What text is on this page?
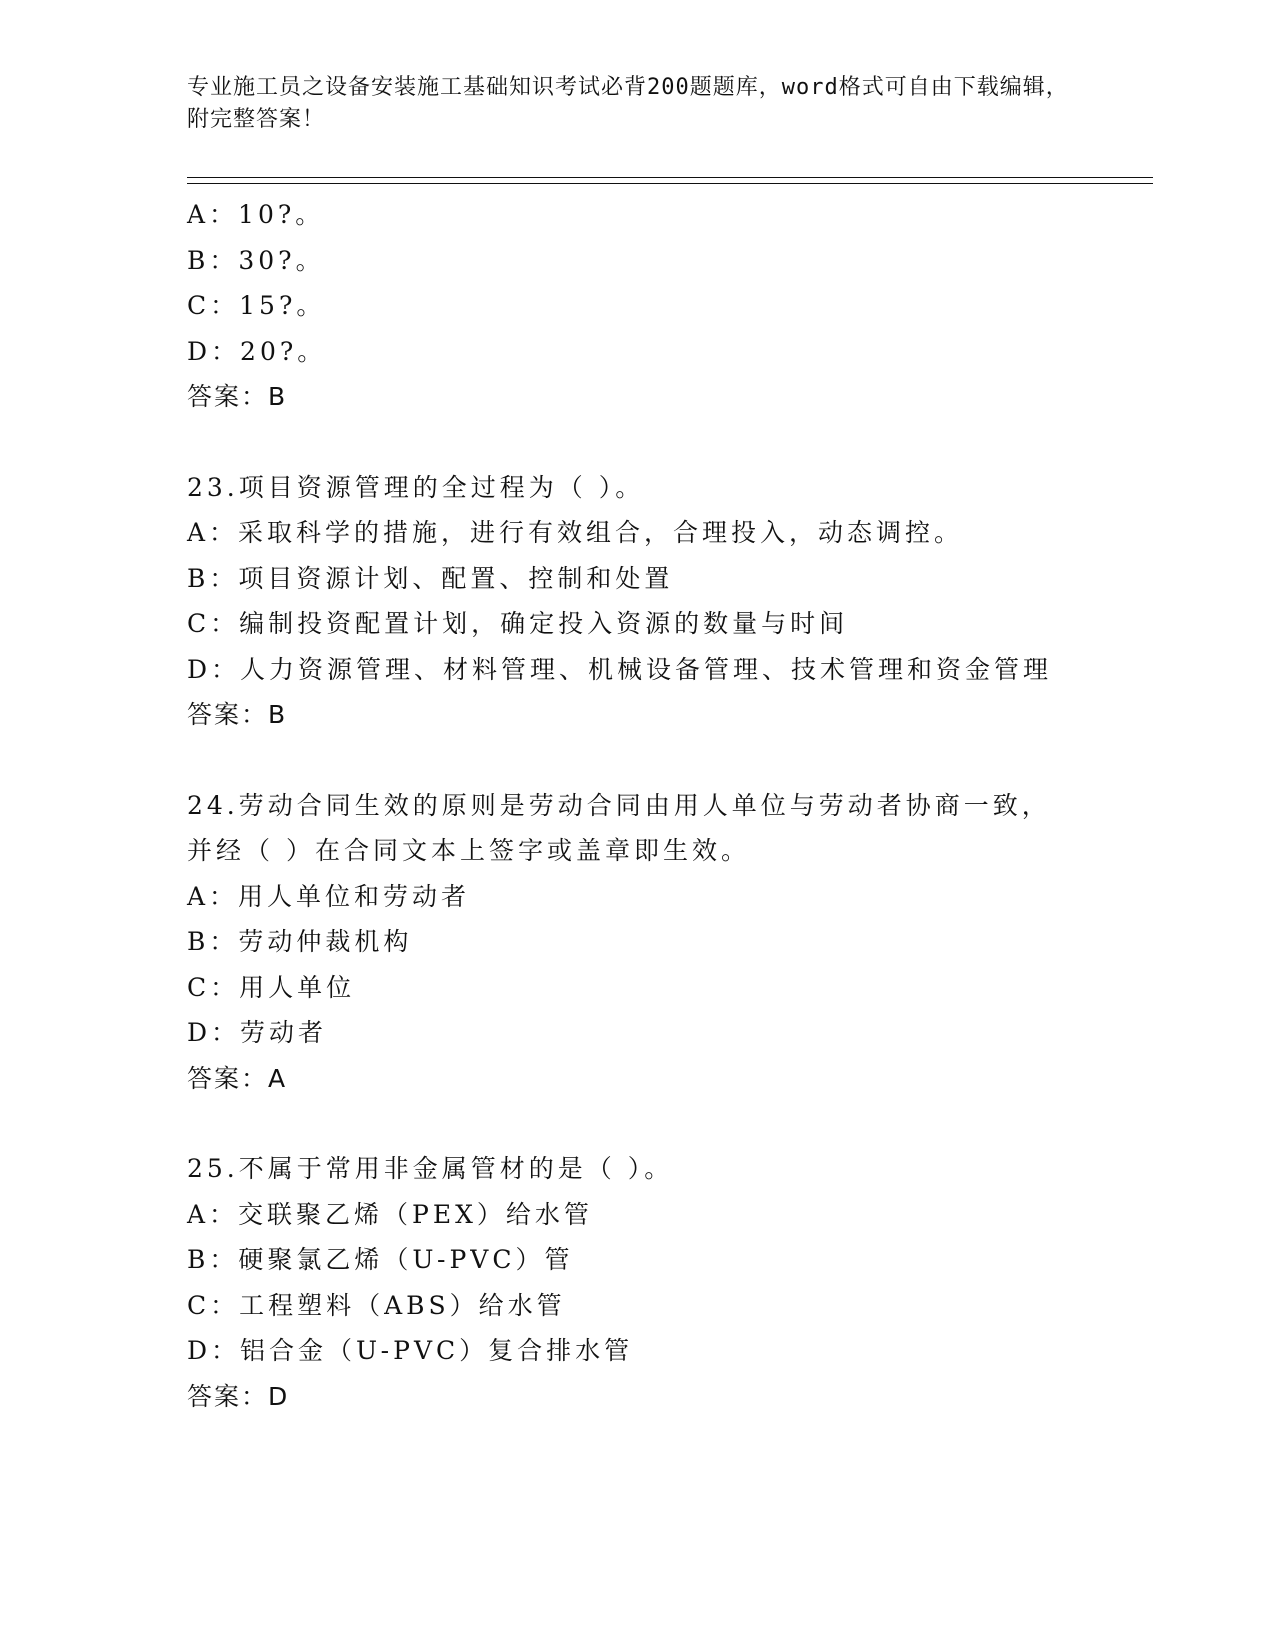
专业施工员之设备安装施工基础知识考试必背200题题库，word格式可自由下载编辑，附完整答案！
A：10?。
B：30?。
C：15?。
D：20?。
答案：B
23.项目资源管理的全过程为（ ）。
A：采取科学的措施，进行有效组合，合理投入，动态调控。
B：项目资源计划、配置、控制和处置
C：编制投资配置计划，确定投入资源的数量与时间
D：人力资源管理、材料管理、机械设备管理、技术管理和资金管理
答案：B
24.劳动合同生效的原则是劳动合同由用人单位与劳动者协商一致，并经（ ）在合同文本上签字或盖章即生效。
A：用人单位和劳动者
B：劳动仲裁机构
C：用人单位
D：劳动者
答案：A
25.不属于常用非金属管材的是（ ）。
A：交联聚乙烯（PEX）给水管
B：硬聚氯乙烯（U-PVC）管
C：工程塑料（ABS）给水管
D：铝合金（U-PVC）复合排水管
答案：D
